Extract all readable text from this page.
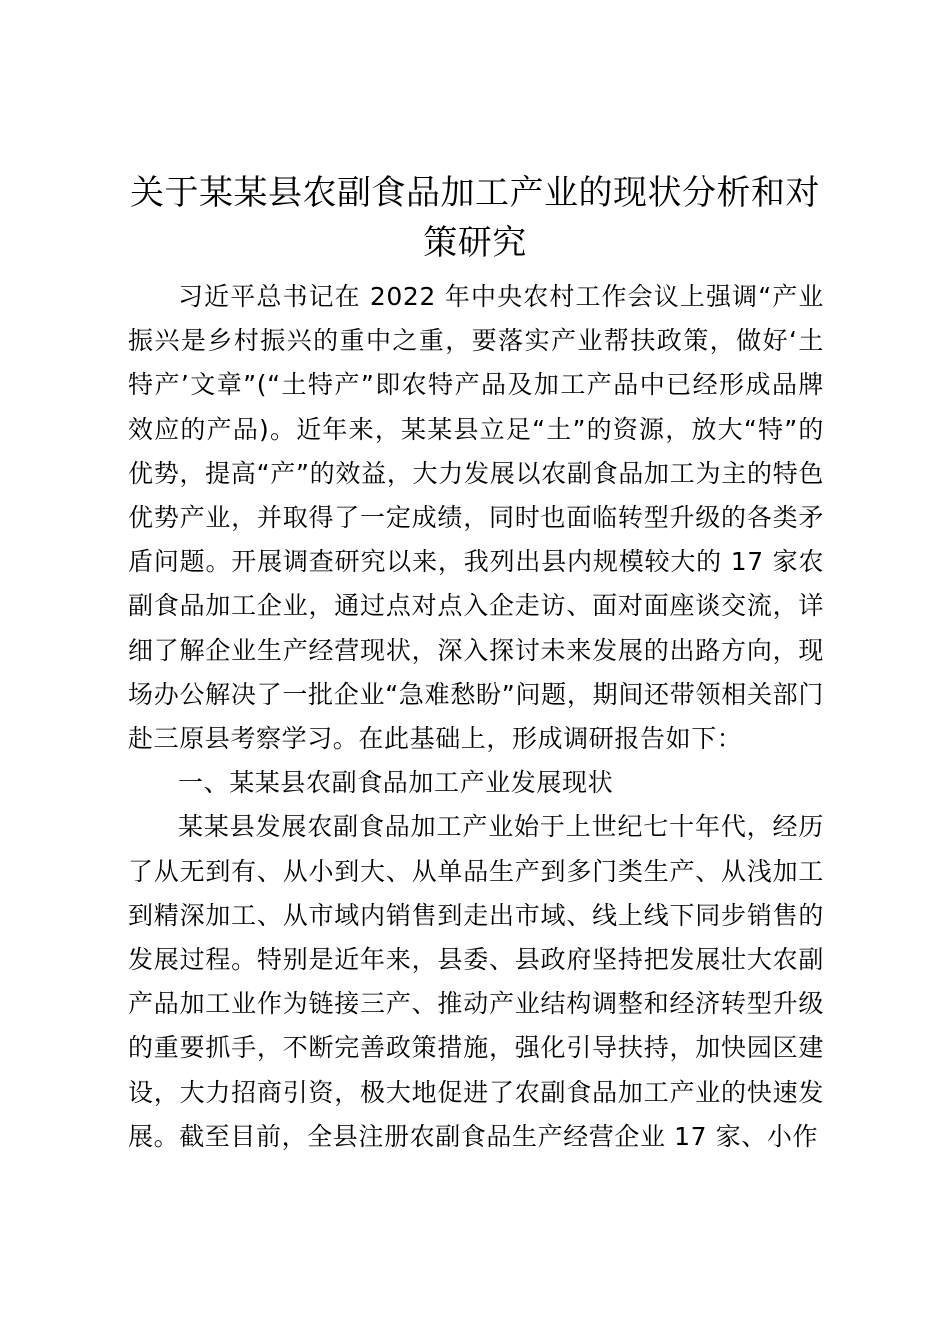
关于某某县农副食品加工产业的现状分析和对策研究

习近平总书记在 2022 年中央农村工作会议上强调“产业振兴是乡村振兴的重中之重，要落实产业帮扶政策，做好‘土特产’文章”(“土特产”即农特产品及加工产品中已经形成品牌效应的产品)。近年来，某某县立足“土”的资源，放大“特”的优势，提高“产”的效益，大力发展以农副食品加工为主的特色优势产业，并取得了一定成绩，同时也面临转型升级的各类矛盾问题。开展调查研究以来，我列出县内规模较大的 17 家农副食品加工企业，通过点对点入企走访、面对面座谈交流，详细了解企业生产经营现状，深入探讨未来发展的出路方向，现场办公解决了一批企业“急难愁盼”问题，期间还带领相关部门赴三原县考察学习。在此基础上，形成调研报告如下：

一、某某县农副食品加工产业发展现状

某某县发展农副食品加工产业始于上世纪七十年代，经历了从无到有、从小到大、从单品生产到多门类生产、从浅加工到精深加工、从市域内销售到走出市域、线上线下同步销售的发展过程。特别是近年来，县委、县政府坚持把发展壮大农副产品加工业作为链接三产、推动产业结构调整和经济转型升级的重要抓手，不断完善政策措施，强化引导扶持，加快园区建设，大力招商引资，极大地促进了农副食品加工产业的快速发展。截至目前，全县注册农副食品生产经营企业 17 家、小作
